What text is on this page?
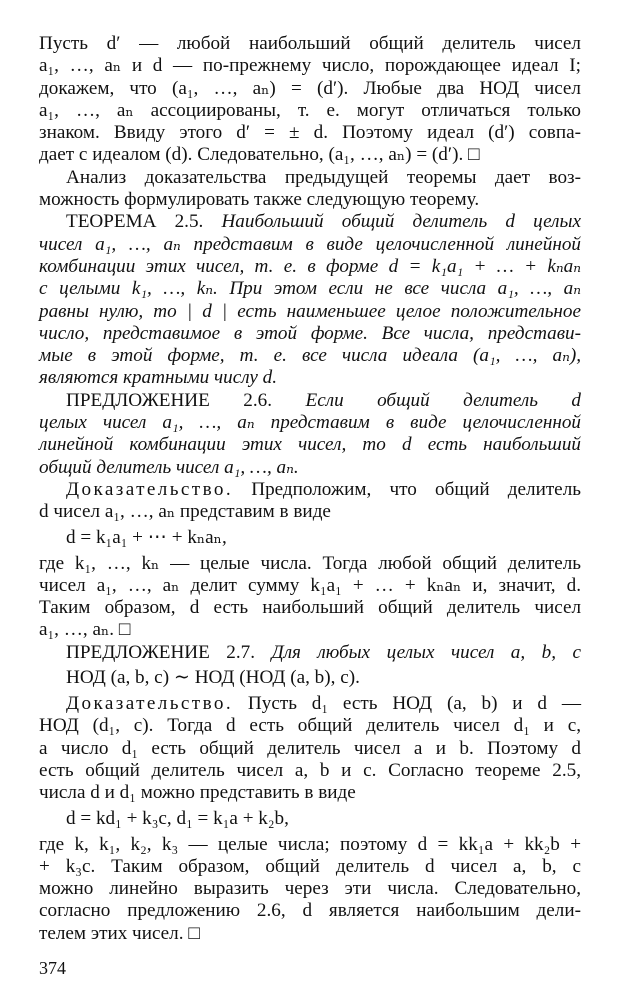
Пусть d′ — любой наибольший общий делитель чисел
a₁, …, aₙ и d — по-прежнему число, порождающее идеал I;
докажем, что (a₁, …, aₙ) = (d′). Любые два НОД чисел
a₁, …, aₙ ассоциированы, т. е. могут отличаться только
знаком. Ввиду этого d′ = ± d. Поэтому идеал (d′) совпа-
дает с идеалом (d). Следовательно, (a₁, …, aₙ) = (d′). □
Анализ доказательства предыдущей теоремы дает воз-
можность формулировать также следующую теорему.
ТЕОРЕМА 2.5. Наибольший общий делитель d целых
чисел a₁, …, aₙ представим в виде целочисленной линейной
комбинации этих чисел, т. е. в форме d = k₁a₁ + … + kₙaₙ
с целыми k₁, …, kₙ. При этом если не все числа a₁, …, aₙ
равны нулю, то | d | есть наименьшее целое положительное
число, представимое в этой форме. Все числа, представи-
мые в этой форме, т. е. все числа идеала (a₁, …, aₙ),
являются кратными числу d.
ПРЕДЛОЖЕНИЕ 2.6. Если общий делитель d
целых чисел a₁, …, aₙ представим в виде целочисленной
линейной комбинации этих чисел, то d есть наибольший
общий делитель чисел a₁, …, aₙ.
Доказательство. Предположим, что общий делитель
d чисел a₁, …, aₙ представим в виде
d = k₁a₁ + ⋯ + kₙaₙ,
где k₁, …, kₙ — целые числа. Тогда любой общий делитель
чисел a₁, …, aₙ делит сумму k₁a₁ + … + kₙaₙ и, значит, d.
Таким образом, d есть наибольший общий делитель чисел
a₁, …, aₙ. □
ПРЕДЛОЖЕНИЕ 2.7. Для любых целых чисел a, b, c
НОД (a, b, c) ∼ НОД (НОД (a, b), c).
Доказательство. Пусть d₁ есть НОД (a, b) и d —
НОД (d₁, c). Тогда d есть общий делитель чисел d₁ и c,
а число d₁ есть общий делитель чисел a и b. Поэтому d
есть общий делитель чисел a, b и c. Согласно теореме 2.5,
числа d и d₁ можно представить в виде
d = kd₁ + k₃c, d₁ = k₁a + k₂b,
где k, k₁, k₂, k₃ — целые числа; поэтому d = kk₁a + kk₂b +
+ k₃c. Таким образом, общий делитель d чисел a, b, c
можно линейно выразить через эти числа. Следовательно,
согласно предложению 2.6, d является наибольшим дели-
телем этих чисел. □
374
